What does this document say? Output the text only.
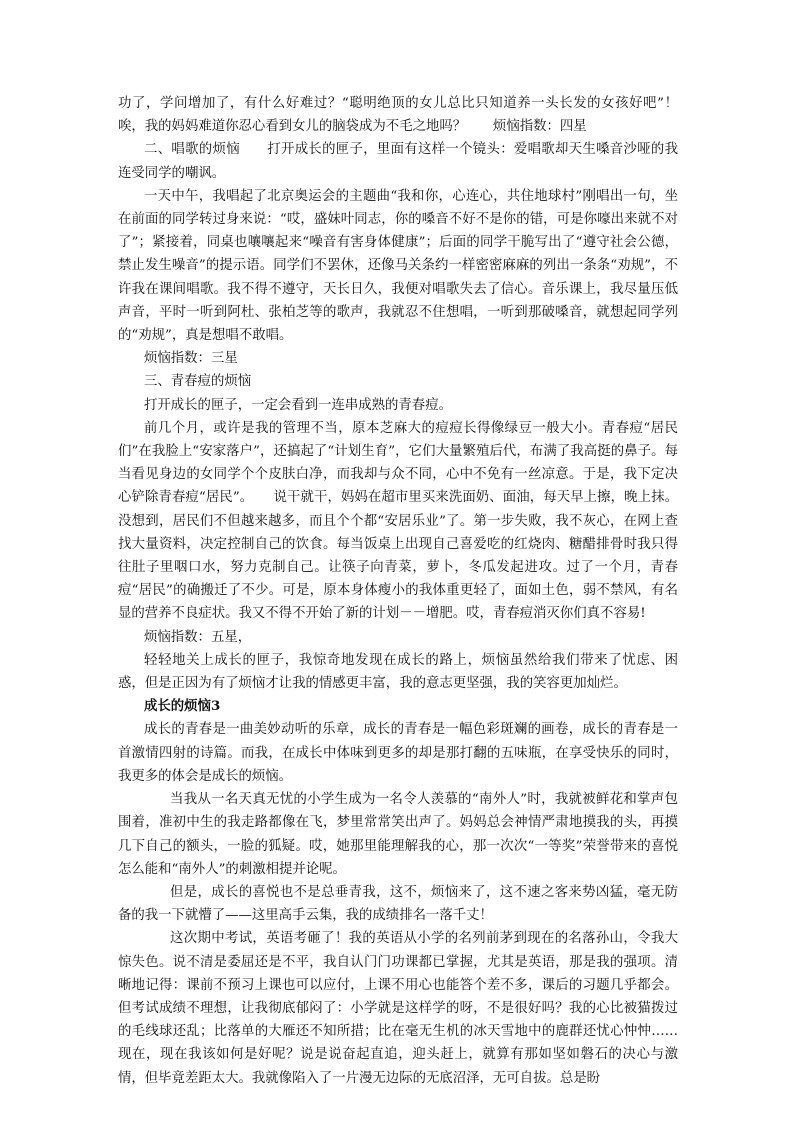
功了，学问增加了，有什么好难过？“聪明绝顶的女儿总比只知道养一头长发的女孩好吧”！唉，我的妈妈难道你忍心看到女儿的脑袋成为不毛之地吗？　　烦恼指数：四星

二、唱歌的烦恼　　打开成长的匣子，里面有这样一个镜头：爱唱歌却天生嗓音沙哑的我连受同学的嘲讽。

一天中午，我唱起了北京奥运会的主题曲“我和你，心连心，共住地球村”刚唱出一句，坐在前面的同学转过身来说：“哎，盛妹叶同志，你的嗓音不好不是你的错，可是你嚎出来就不对了”；紧接着，同桌也嚷嚷起来“噪音有害身体健康”；后面的同学干脆写出了“遵守社会公德，禁止发生噪音”的提示语。同学们不罢休，还像马关条约一样密密麻麻的列出一条条“劝规”，不许我在课间唱歌。我不得不遵守，天长日久，我便对唱歌失去了信心。音乐课上，我尽量压低声音，平时一听到阿杜、张柏芝等的歌声，我就忍不住想唱，一听到那破嗓音，就想起同学列的“劝规”，真是想唱不敢唱。

烦恼指数：三星

三、青春痘的烦恼

打开成长的匣子，一定会看到一连串成熟的青春痘。

前几个月，或许是我的管理不当，原本芝麻大的痘痘长得像绿豆一般大小。青春痘“居民们”在我脸上“安家落户”，还搞起了“计划生育”，它们大量繁殖后代，布满了我高挺的鼻子。每当看见身边的女同学个个皮肤白净，而我却与众不同，心中不免有一丝凉意。于是，我下定决心铲除青春痘“居民”。　　说干就干，妈妈在超市里买来洗面奶、面油，每天早上擦，晚上抹。没想到，居民们不但越来越多，而且个个都“安居乐业”了。第一步失败，我不灰心，在网上查找大量资料，决定控制自己的饮食。每当饭桌上出现自己喜爱吃的红烧肉、糖醋排骨时我只得往肚子里咽口水，努力克制自己。让筷子向青菜，萝卜，冬瓜发起进攻。过了一个月，青春痘“居民”的确搬迁了不少。可是，原本身体瘦小的我体重更轻了，面如土色，弱不禁风，有名显的营养不良症状。我又不得不开始了新的计划－－增肥。哎，青春痘消灭你们真不容易!

烦恼指数：五星，

轻轻地关上成长的匣子，我惊奇地发现在成长的路上，烦恼虽然给我们带来了忧虑、困惑，但是正因为有了烦恼才让我的情感更丰富，我的意志更坚强，我的笑容更加灿烂。

成长的烦恼3

成长的青春是一曲美妙动听的乐章，成长的青春是一幅色彩斑斓的画卷，成长的青春是一首激情四射的诗篇。而我，在成长中体味到更多的却是那打翻的五味瓶，在享受快乐的同时，我更多的体会是成长的烦恼。

当我从一名天真无忧的小学生成为一名令人羡慕的“南外人”时，我就被鲜花和掌声包围着，准初中生的我走路都像在飞，梦里常常笑出声了。妈妈总会神情严肃地摸我的头，再摸几下自己的额头，一脸的狐疑。哎，她那里能理解我的心，那一次次“一等奖”荣誉带来的喜悦怎么能和“南外人”的刺激相提并论呢。

但是，成长的喜悦也不是总垂青我，这不，烦恼来了，这不速之客来势凶猛，毫无防备的我一下就懵了——这里高手云集，我的成绩排名一落千丈！

这次期中考试，英语考砸了！我的英语从小学的名列前茅到现在的名落孙山，令我大惊失色。说不清是委屈还是不平，我自认门门功课都已掌握，尤其是英语，那是我的强项。清晰地记得：课前不预习上课也可以应付，上课不用心也能答个差不多，课后的习题几乎都会。但考试成绩不理想，让我彻底郁闷了：小学就是这样学的呀，不是很好吗？我的心比被猫拨过的毛线球还乱；比落单的大雁还不知所措；比在毫无生机的冰天雪地中的鹿群还忧心忡忡……现在，现在我该如何是好呢？说是说奋起直追，迎头赶上，就算有那如坚如磐石的决心与激情，但毕竟差距太大。我就像陷入了一片漫无边际的无底沼泽，无可自拔。总是盼
